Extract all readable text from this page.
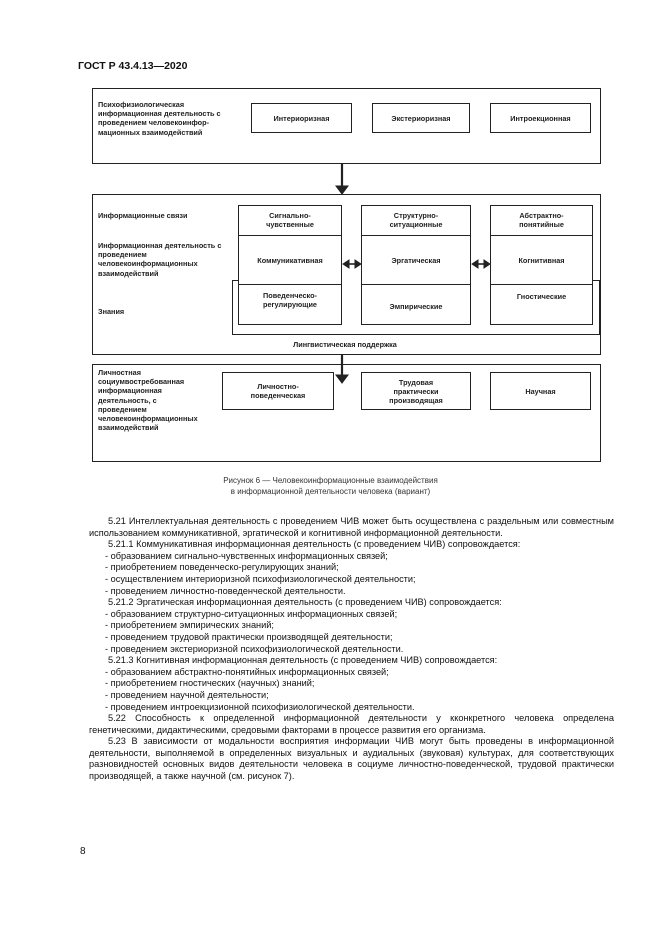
ГОСТ Р 43.4.13—2020
Психофизиологическая информационная деятельность с проведением человекоинфор-мационных взаимодействий
Интериоризная	Экстериоризная	Интроекционная
Информационные связи
Информационная деятельность с проведением человекоинформационных взаимодействий
Знания
Сигнально-чувственные
Коммуникативная
Поведенческо-регулирующие
Структурно-ситуационные
Эргатическая
Эмпирические
Абстрактно-понятийные
Когнитивная
Гностические
Лингвистическая поддержка
Личностная социумвостребованная информационная деятельность, с проведением человекоинформационных взаимодействий
Личностно-поведенческая
Трудовая практически производящая
Научная
Рисунок 6 — Человекоинформационные взаимодействия
в информационной деятельности человека (вариант)

5.21 Интеллектуальная деятельность с проведением ЧИВ может быть осуществлена с раздельным или совместным использованием коммуникативной, эргатической и когнитивной информационной деятельности.

5.21.1 Коммуникативная информационная деятельность (с проведением ЧИВ) сопровождается:

- образованием сигнально-чувственных информационных связей;

- приобретением поведенческо-регулирующих знаний;

- осуществлением интериоризной психофизиологической деятельности;

- проведением личностно-поведенческой деятельности.

5.21.2 Эргатическая информационная деятельность (с проведением ЧИВ) сопровождается:

- образованием структурно-ситуационных информационных связей;

- приобретением эмпирических знаний;

- проведением трудовой практически производящей деятельности;

- проведением экстериоризной психофизиологической деятельности.

5.21.3 Когнитивная информационная деятельность (с проведением ЧИВ) сопровождается:

- образованием абстрактно-понятийных информационных связей;

- приобретением гностических (научных) знаний;

- проведением научной деятельности;

- проведением интроекцизионной психофизиологической деятельности.

5.22 Способность к определенной информационной деятельности у кконкретного человека определена генетическими, дидактическими, средовыми факторами в процессе развития его организма.

5.23 В зависимости от модальности восприятия информации ЧИВ могут быть проведены в информационной деятельности, выполняемой в определенных визуальных и аудиальных (звуковая) культурах, для соответствующих разновидностей основных видов деятельности человека в социуме личностно-поведенческой, трудовой практически производящей, а также научной (см. рисунок 7).

8
